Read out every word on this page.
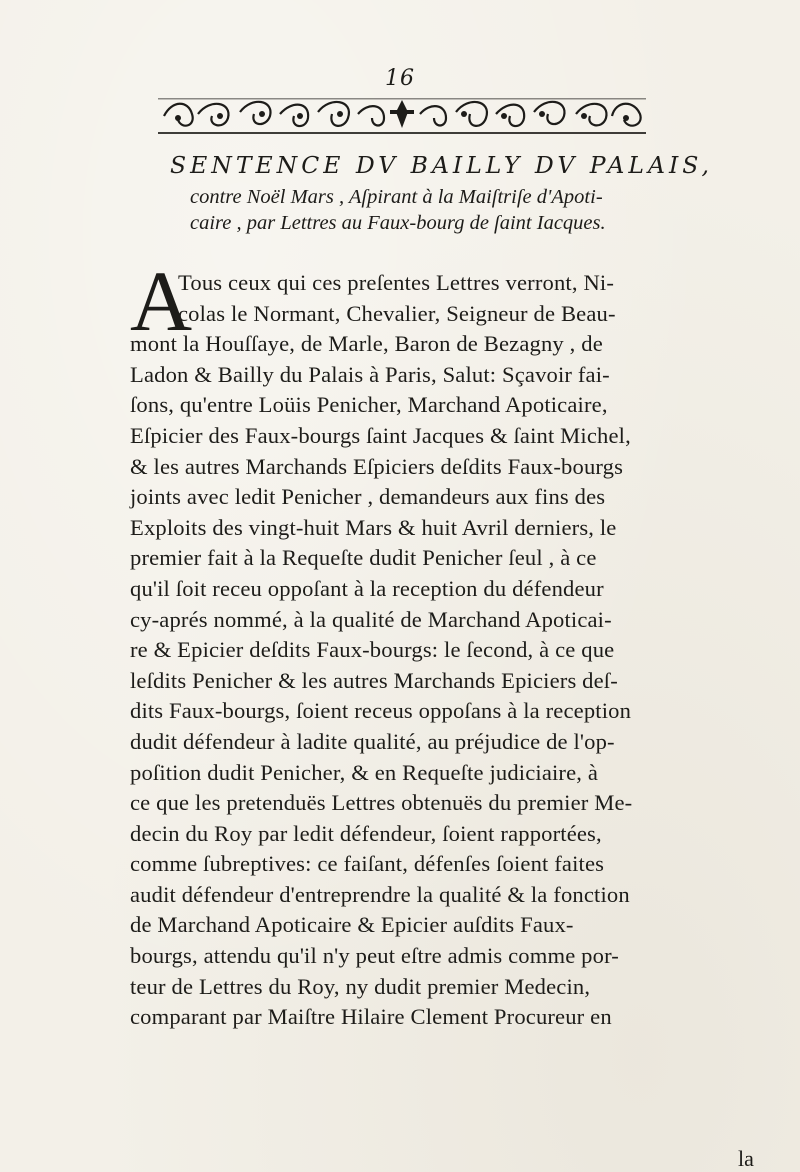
16
SENTENCE DV BAILLY DV PALAIS,
contre Noël Mars , Aſpirant à la Maiſtriſe d'Apoti-
caire , par Lettres au Faux-bourg de ſaint Iacques.
A
Tous ceux qui ces preſentes Lettres verront, Ni-
colas le Normant, Chevalier, Seigneur de Beau-
mont la Houſſaye, de Marle, Baron de Bezagny , de
Ladon & Bailly du Palais à Paris, Salut: Sçavoir fai-
ſons, qu'entre Loüis Penicher, Marchand Apoticaire,
Eſpicier des Faux-bourgs ſaint Jacques & ſaint Michel,
& les autres Marchands Eſpiciers deſdits Faux-bourgs
joints avec ledit Penicher , demandeurs aux fins des
Exploits des vingt-huit Mars & huit Avril derniers, le
premier fait à la Requeſte dudit Penicher ſeul , à ce
qu'il ſoit receu oppoſant à la reception du défendeur
cy-aprés nommé, à la qualité de Marchand Apoticai-
re & Epicier deſdits Faux-bourgs: le ſecond, à ce que
leſdits Penicher & les autres Marchands Epiciers deſ-
dits Faux-bourgs, ſoient receus oppoſans à la reception
dudit défendeur à ladite qualité, au préjudice de l'op-
poſition dudit Penicher, & en Requeſte judiciaire, à
ce que les pretenduës Lettres obtenuës du premier Me-
decin du Roy par ledit défendeur, ſoient rapportées,
comme ſubreptives: ce faiſant, défenſes ſoient faites
audit défendeur d'entreprendre la qualité & la fonction
de Marchand Apoticaire & Epicier auſdits Faux-
bourgs, attendu qu'il n'y peut eſtre admis comme por-
teur de Lettres du Roy, ny dudit premier Medecin,
comparant par Maiſtre Hilaire Clement Procureur en
la
